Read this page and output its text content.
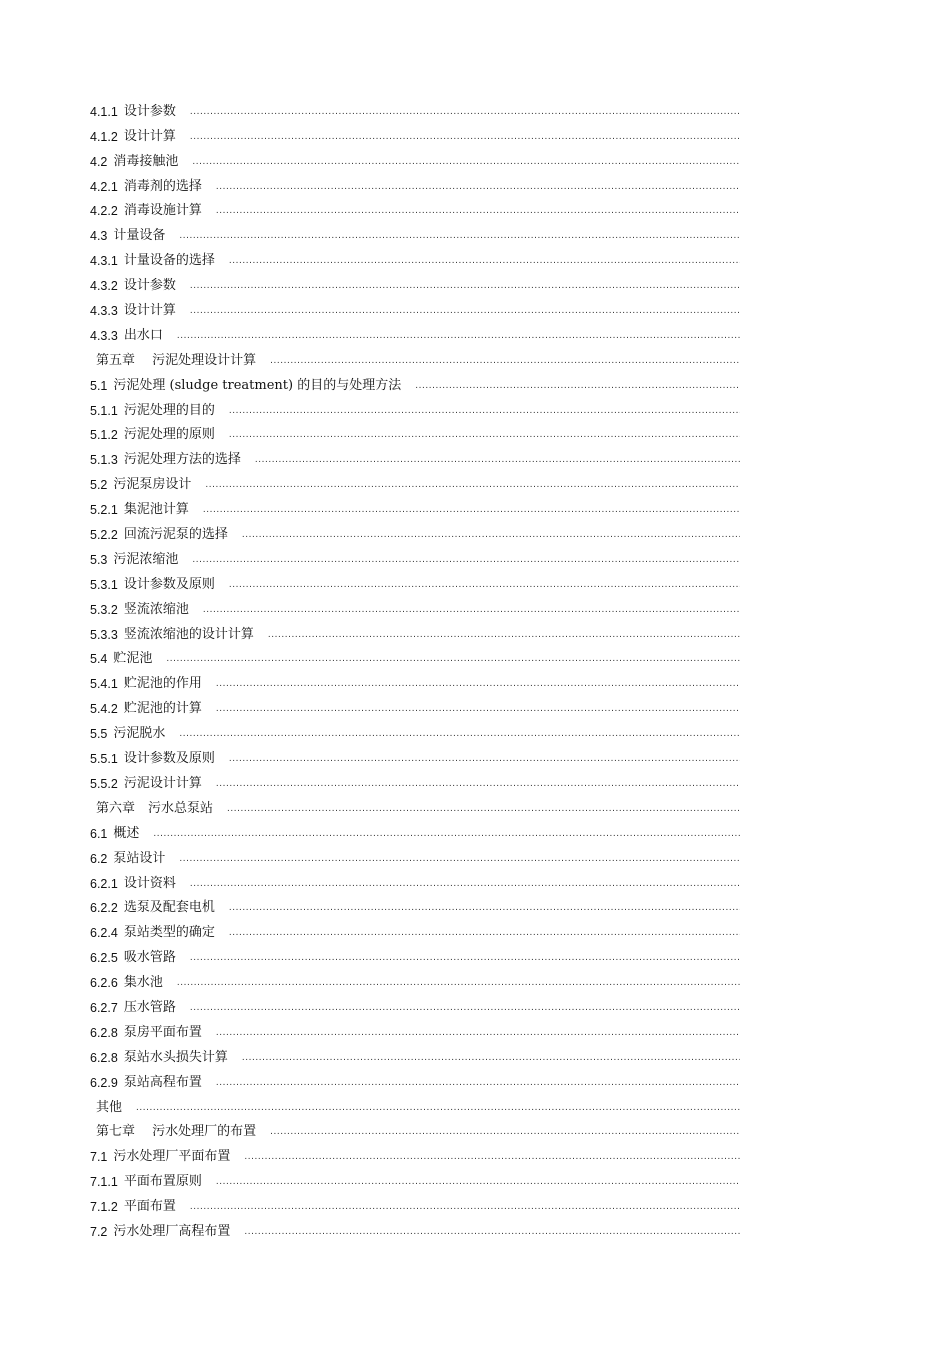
4.1.1 设计参数
.....
4.1.2 设计计算
.....
4.2 消毒接触池
.....
4.2.1 消毒剂的选择
.....
4.2.2 消毒设施计算
.....
4.3 计量设备
.....
4.3.1 计量设备的选择
.....
4.3.2 设计参数
.....
4.3.3 设计计算
.....
4.3.3 出水口
.....
第五章　 污泥处理设计计算
.....
5.1 污泥处理 (sludge treatment) 的目的与处理方法
.....
5.1.1 污泥处理的目的
.....
5.1.2 污泥处理的原则
.....
5.1.3 污泥处理方法的选择
.....
5.2 污泥泵房设计
.....
5.2.1 集泥池计算
.....
5.2.2 回流污泥泵的选择
.....
5.3 污泥浓缩池
.....
5.3.1 设计参数及原则
.....
5.3.2 竖流浓缩池
.....
5.3.3 竖流浓缩池的设计计算
.....
5.4 贮泥池
.....
5.4.1 贮泥池的作用
.....
5.4.2 贮泥池的计算
.....
5.5 污泥脱水
.....
5.5.1 设计参数及原则
.....
5.5.2 污泥设计计算
.....
第六章　污水总泵站
.....
6.1 概述
.....
6.2 泵站设计
.....
6.2.1 设计资料
.....
6.2.2 选泵及配套电机
.....
6.2.4 泵站类型的确定
.....
6.2.5 吸水管路
.....
6.2.6 集水池
.....
6.2.7 压水管路
.....
6.2.8 泵房平面布置
.....
6.2.8 泵站水头损失计算
.....
6.2.9 泵站高程布置
.....
其他
.....
第七章　 污水处理厂的布置
.....
7.1 污水处理厂平面布置
.....
7.1.1 平面布置原则
.....
7.1.2 平面布置
.....
7.2 污水处理厂高程布置
.....
